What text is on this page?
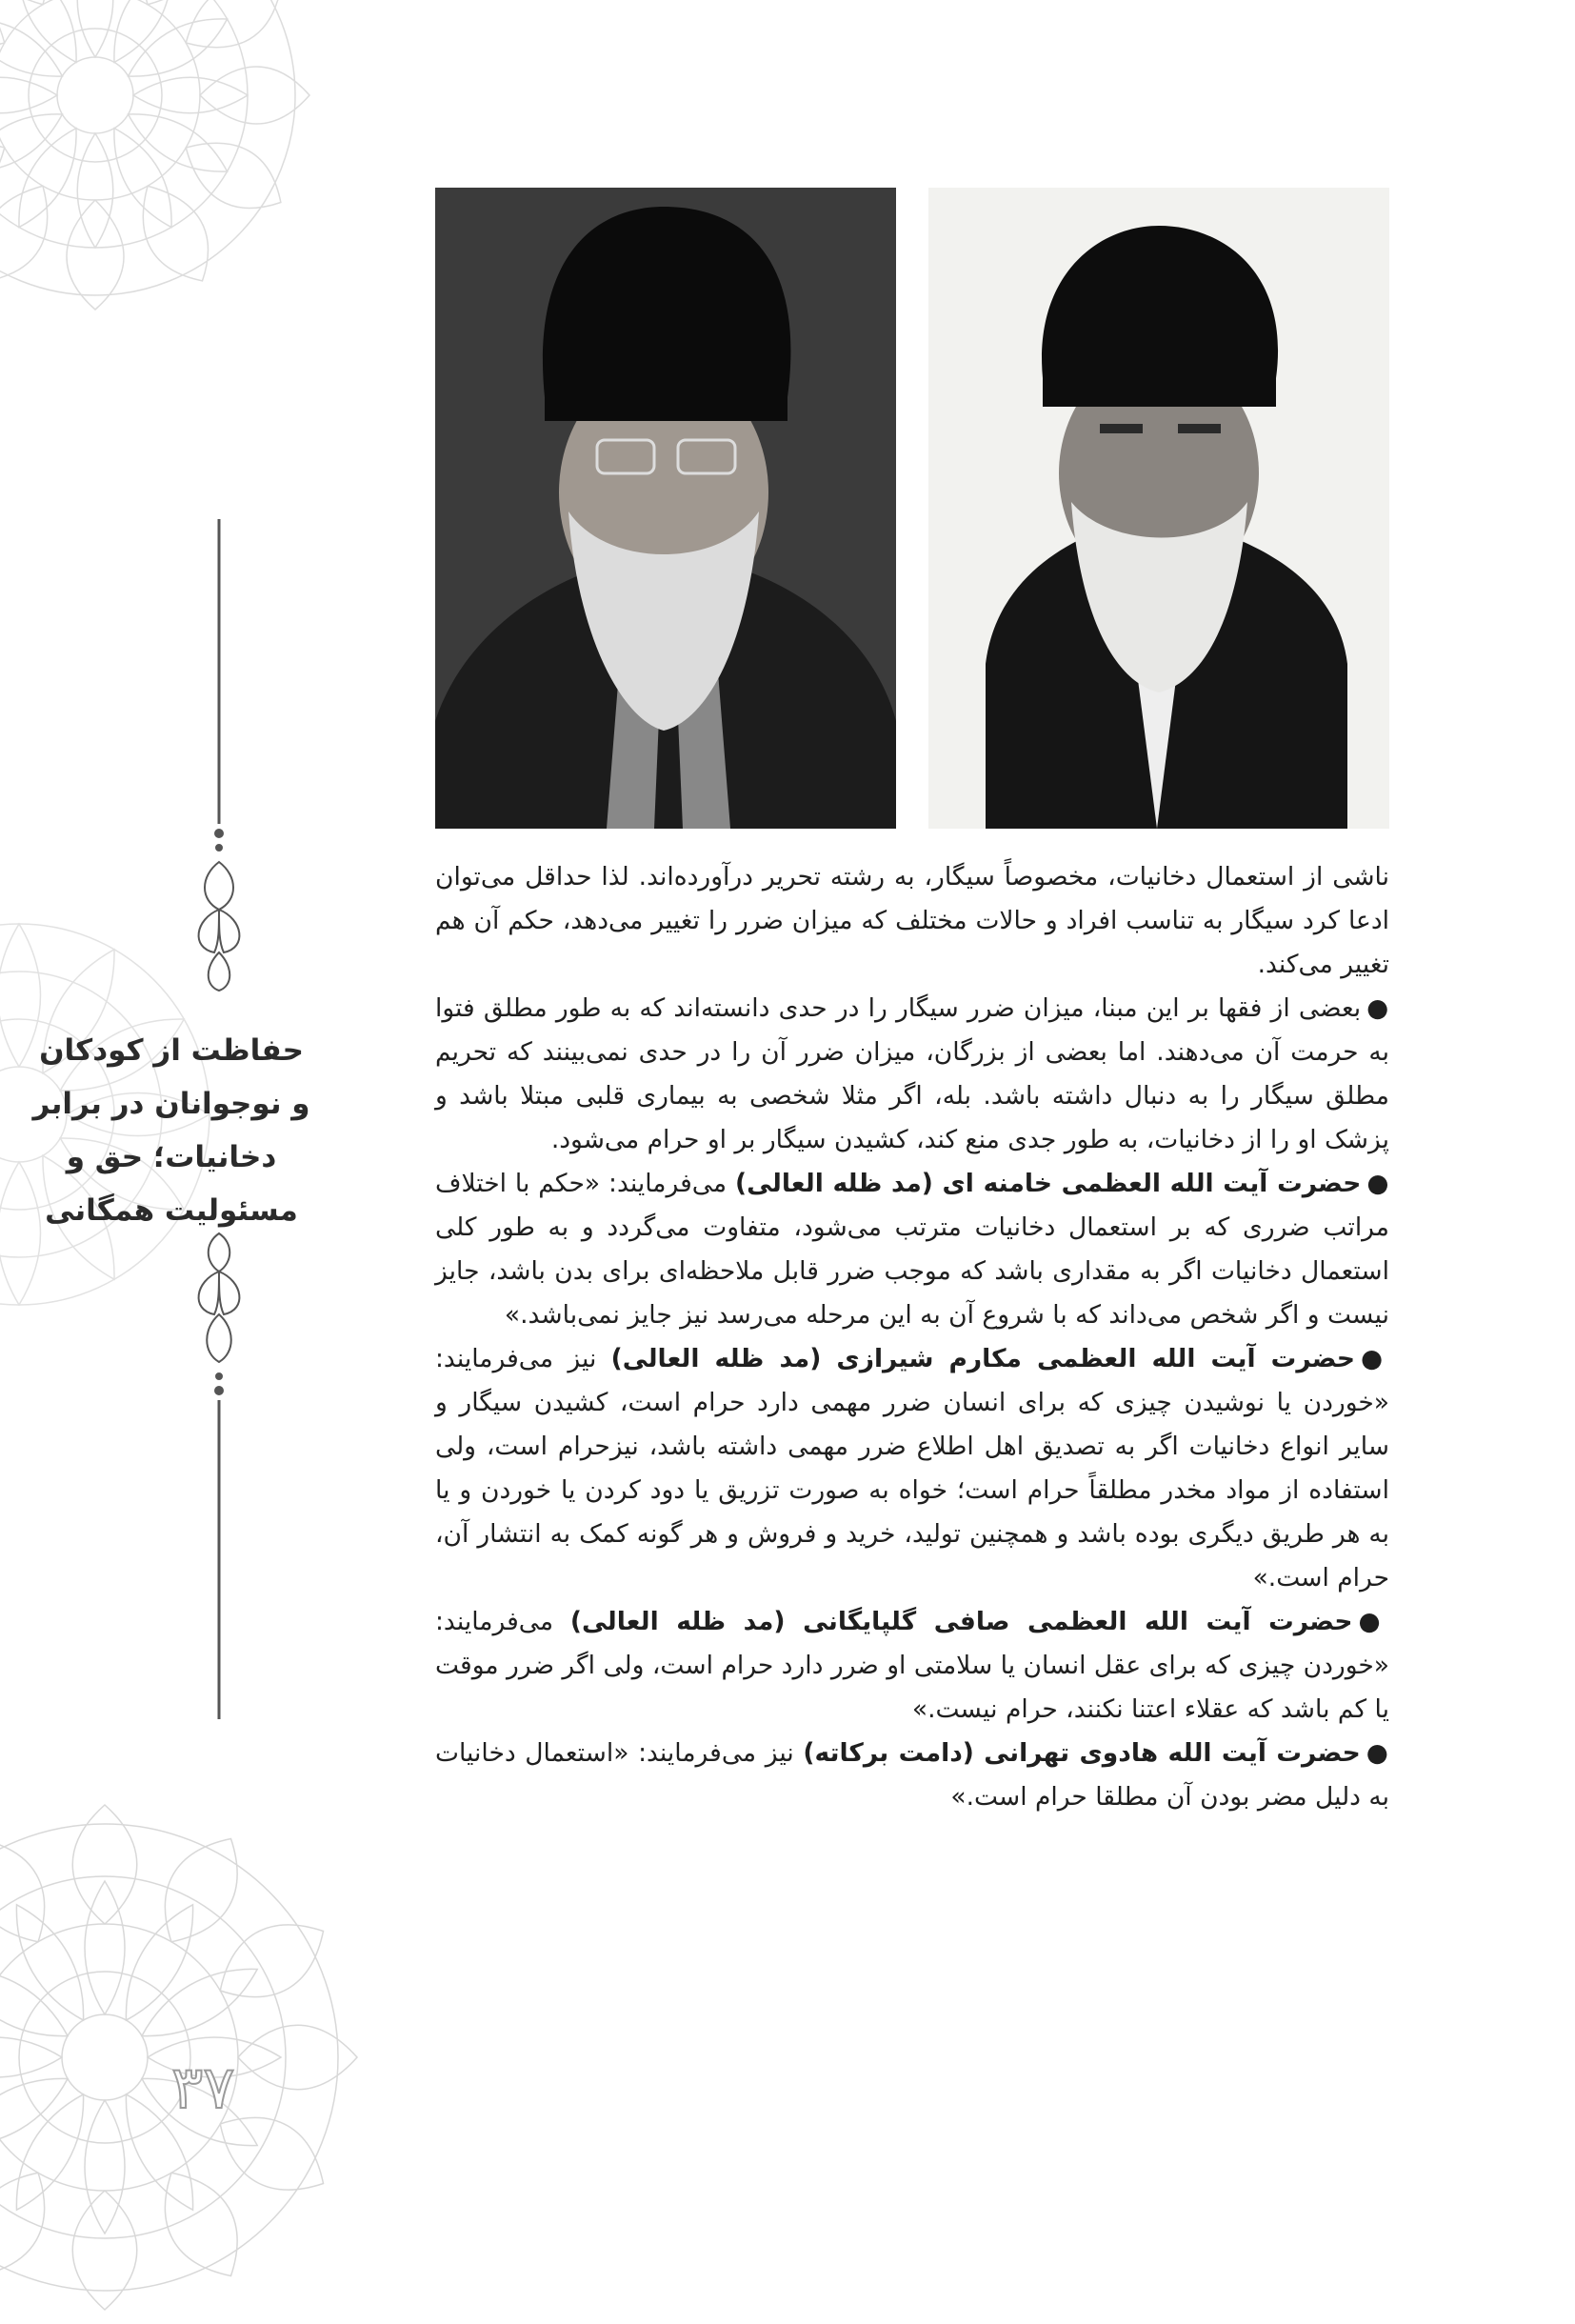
حفاظت از کودکان
و نوجوانان در برابر
دخانیات؛ حق و
مسئولیت همگانی

ناشی از استعمال دخانیات، مخصوصاً سیگار، به رشته تحریر درآورده‌اند. لذا حداقل می‌توان ادعا کرد سیگار به تناسب افراد و حالات مختلف که میزان ضرر را تغییر می‌دهد، حکم آن هم تغییر می‌کند.

●بعضی از فقها بر این مبنا، میزان ضرر سیگار را در حدی دانسته‌اند که به طور مطلق فتوا به حرمت آن می‌دهند. اما بعضی از بزرگان، میزان ضرر آن را در حدی نمی‌بینند که تحریم مطلق سیگار را به دنبال داشته باشد. بله، اگر مثلا شخصی به بیماری قلبی مبتلا باشد و پزشک او را از دخانیات، به طور جدی منع کند، کشیدن سیگار بر او حرام می‌شود.

●حضرت آیت الله العظمی خامنه ای (مد ظله العالی) می‌فرمایند: «حکم با اختلاف مراتب ضرری که بر استعمال دخانیات مترتب می‌شود، متفاوت می‌گردد و به طور کلی استعمال دخانیات اگر به مقداری باشد که موجب ضرر قابل ملاحظه‌ای برای بدن باشد، جایز نیست و اگر شخص می‌داند که با شروع آن به این مرحله می‌رسد نیز جایز نمی‌باشد.»

●حضرت آیت الله العظمی مکارم شیرازی (مد ظله العالی) نیز می‌فرمایند: «خوردن یا نوشیدن چیزی که برای انسان ضرر مهمی دارد حرام است، کشیدن سیگار و سایر انواع دخانیات اگر به تصدیق اهل اطلاع ضرر مهمی داشته باشد، نیزحرام است، ولی استفاده از مواد مخدر مطلقاً حرام است؛ خواه به صورت تزریق یا دود کردن یا خوردن و یا به هر طریق دیگری بوده باشد و همچنین تولید، خرید و فروش و هر گونه کمک به انتشار آن، حرام است.»

●حضرت آیت الله العظمی صافی گلپایگانی (مد ظله العالی) می‌فرمایند: «خوردن چیزی که برای عقل انسان یا سلامتی او ضرر دارد حرام است، ولی اگر ضرر موقت یا کم باشد که عقلاء اعتنا نکنند، حرام نیست.»

●حضرت آیت الله هادوی تهرانی (دامت برکاته) نیز می‌فرمایند: «استعمال دخانیات به دلیل مضر بودن آن مطلقا حرام است.»

۳۷
